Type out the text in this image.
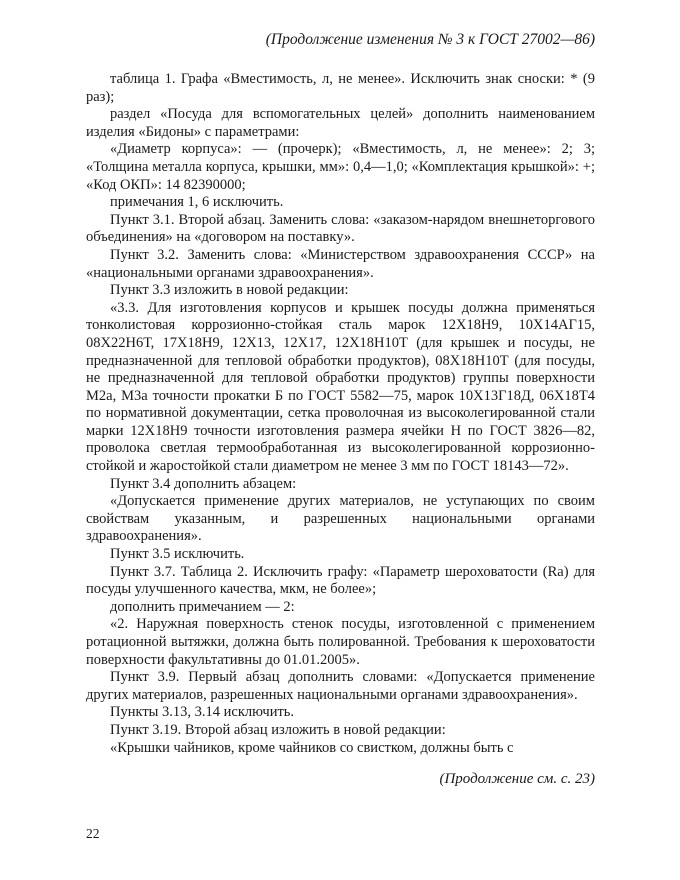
(Продолжение изменения № 3 к ГОСТ 27002—86)

таблица 1. Графа «Вместимость, л, не менее». Исключить знак сноски: * (9 раз);

раздел «Посуда для вспомогательных целей» дополнить наименованием изделия «Бидоны» с параметрами:

«Диаметр корпуса»: — (прочерк); «Вместимость, л, не менее»: 2; 3; «Толщина металла корпуса, крышки, мм»: 0,4—1,0; «Комплектация крышкой»: +; «Код ОКП»: 14 82390000;

примечания 1, 6 исключить.

Пункт 3.1. Второй абзац. Заменить слова: «заказом-нарядом внешнеторгового объединения» на «договором на поставку».

Пункт 3.2. Заменить слова: «Министерством здравоохранения СССР» на «национальными органами здравоохранения».

Пункт 3.3 изложить в новой редакции:

«3.3. Для изготовления корпусов и крышек посуды должна применяться тонколистовая коррозионно-стойкая сталь марок 12Х18Н9, 10Х14АГ15, 08Х22Н6Т, 17Х18Н9, 12Х13, 12Х17, 12Х18Н10Т (для крышек и посуды, не предназначенной для тепловой обработки продуктов), 08Х18Н10Т (для посуды, не предназначенной для тепловой обработки продуктов) группы поверхности М2а, М3а точности прокатки Б по ГОСТ 5582—75, марок 10Х13Г18Д, 06Х18Т4 по нормативной документации, сетка проволочная из высоколегированной стали марки 12Х18Н9 точности изготовления размера ячейки Н по ГОСТ 3826—82, проволока светлая термообработанная из высоколегированной коррозионно-стойкой и жаростойкой стали диаметром не менее 3 мм по ГОСТ 18143—72».

Пункт 3.4 дополнить абзацем:

«Допускается применение других материалов, не уступающих по своим свойствам указанным, и разрешенных национальными органами здравоохранения».

Пункт 3.5 исключить.

Пункт 3.7. Таблица 2. Исключить графу: «Параметр шероховатости (Ra) для посуды улучшенного качества, мкм, не более»;

дополнить примечанием — 2:

«2. Наружная поверхность стенок посуды, изготовленной с применением ротационной вытяжки, должна быть полированной. Требования к шероховатости поверхности факультативны до 01.01.2005».

Пункт 3.9. Первый абзац дополнить словами: «Допускается применение других материалов, разрешенных национальными органами здравоохранения».

Пункты 3.13, 3.14 исключить.

Пункт 3.19. Второй абзац изложить в новой редакции:

«Крышки чайников, кроме чайников со свистком, должны быть с

(Продолжение см. с. 23)
22
